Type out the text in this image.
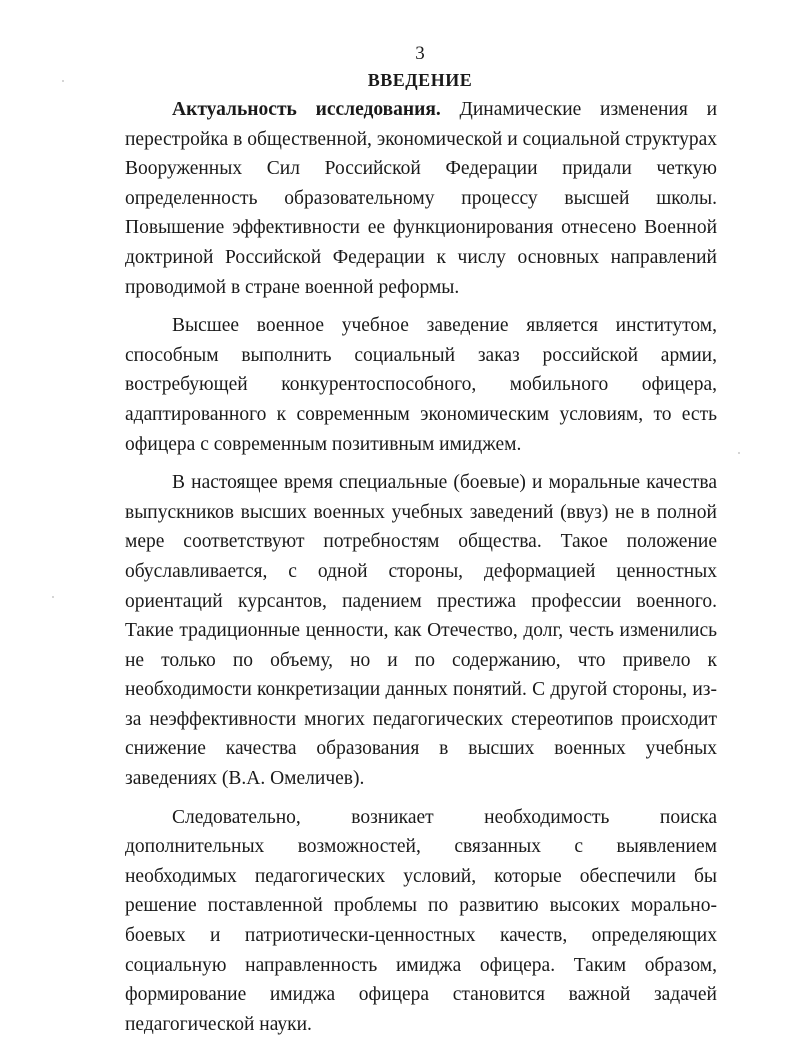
3
ВВЕДЕНИЕ

Актуальность исследования. Динамические изменения и перестройка в общественной, экономической и социальной структурах Вооруженных Сил Российской Федерации придали четкую определенность образовательному процессу высшей школы. Повышение эффективности ее функционирования отнесено Военной доктриной Российской Федерации к числу основных направлений проводимой в стране военной реформы.

Высшее военное учебное заведение является институтом, способным выполнить социальный заказ российской армии, востребующей конкурентоспособного, мобильного офицера, адаптированного к современным экономическим условиям, то есть офицера с современным позитивным имиджем.

В настоящее время специальные (боевые) и моральные качества выпускников высших военных учебных заведений (ввуз) не в полной мере соответствуют потребностям общества. Такое положение обуславливается, с одной стороны, деформацией ценностных ориентаций курсантов, падением престижа профессии военного. Такие традиционные ценности, как Отечество, долг, честь изменились не только по объему, но и по содержанию, что привело к необходимости конкретизации данных понятий. С другой стороны, из-за неэффективности многих педагогических стереотипов происходит снижение качества образования в высших военных учебных заведениях (В.А. Омеличев).

Следовательно, возникает необходимость поиска дополнительных возможностей, связанных с выявлением необходимых педагогических условий, которые обеспечили бы решение поставленной проблемы по развитию высоких морально-боевых и патриотически-ценностных качеств, определяющих социальную направленность имиджа офицера. Таким образом, формирование имиджа офицера становится важной задачей педагогической науки.
